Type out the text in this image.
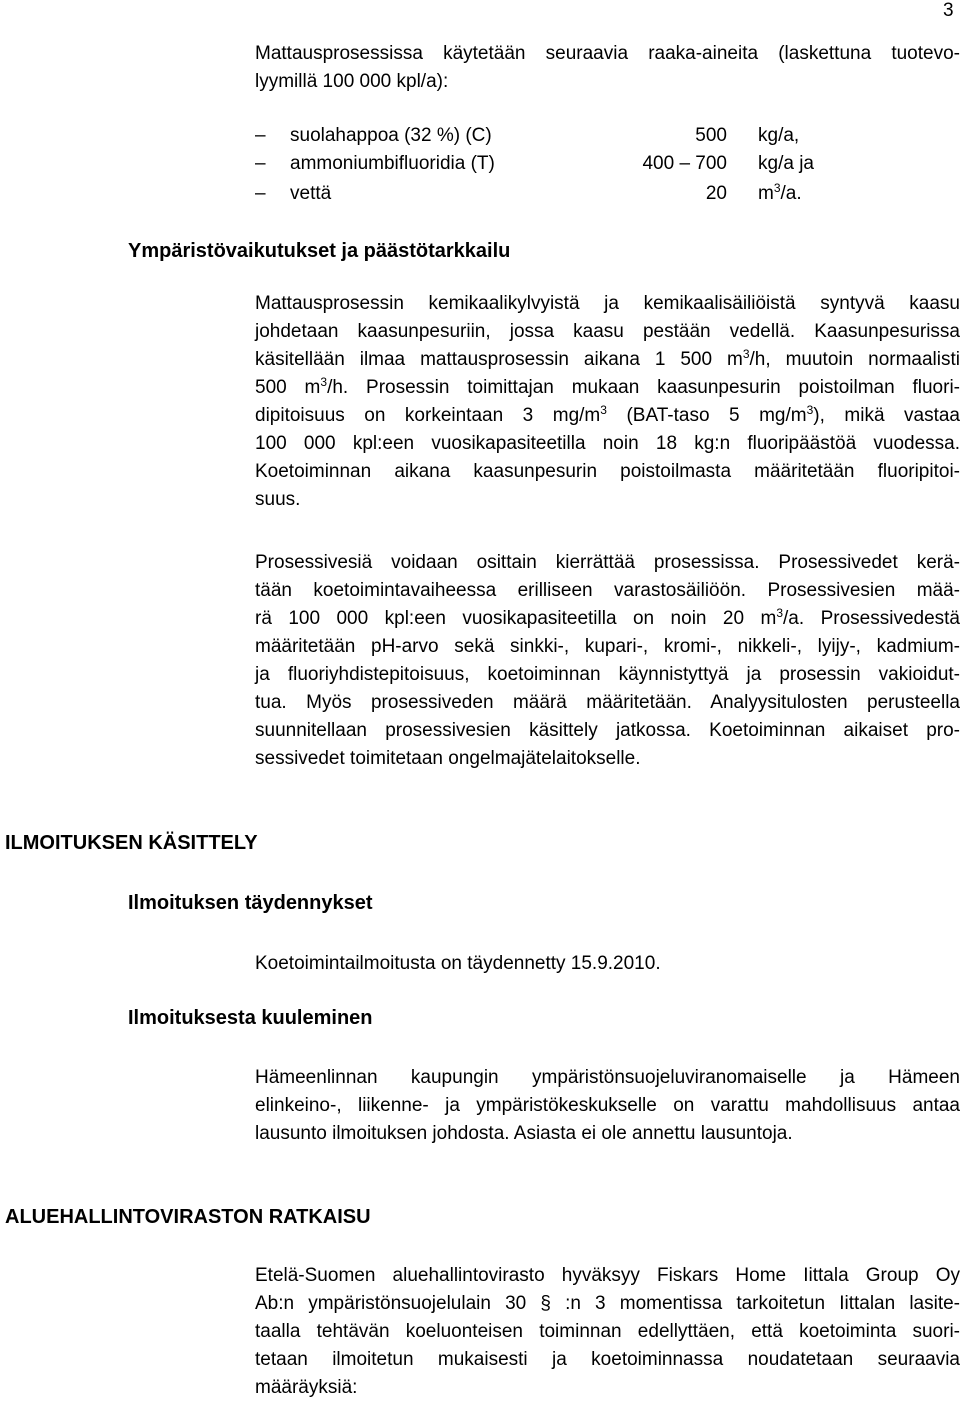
3
Mattausprosessissa käytetään seuraavia raaka-aineita (laskettuna tuotevo-
lyymillä 100 000 kpl/a):
– suolahappoa (32 %) (C)	500 kg/a,
– ammoniumbifluoridia (T)	400 – 700 kg/a ja
– vettä	20 $m^3/a$.
Ympäristövaikutukset ja päästötarkkailu
Mattausprosessin kemikaalikylvyistä ja kemikaalisäiliöistä syntyvä kaasu
johdetaan kaasunpesuriin, jossa kaasu pestään vedellä. Kaasunpesurissa
käsitellään ilmaa mattausprosessin aikana 1 500 $m^3/h$, muutoin normaalisti
500 $m^3/h$. Prosessin toimittajan mukaan kaasunpesurin poistoilman fluori-
dipitoisuus on korkeintaan 3 $mg/m^3$ (BAT-taso 5 $mg/m^3$), mikä vastaa
100 000 kpl:een vuosikapasiteetilla noin 18 kg:n fluoripäästöä vuodessa.
Koetoiminnan aikana kaasunpesurin poistoilmasta määritetään fluoripitoi-
suus.
Prosessivesiä voidaan osittain kierrättää prosessissa. Prosessivedet kerä-
tään koetoimintavaiheessa erilliseen varastosäiliöön. Prosessivesien mää-
rä 100 000 kpl:een vuosikapasiteetilla on noin 20 $m^3/a$. Prosessivedestä
määritetään pH-arvo sekä sinkki-, kupari-, kromi-, nikkeli-, lyijy-, kadmium-
ja fluoriyhdistepitoisuus, koetoiminnan käynnistyttyä ja prosessin vakioidut-
tua. Myös prosessiveden määrä määritetään. Analyysitulosten perusteella
suunnitellaan prosessivesien käsittely jatkossa. Koetoiminnan aikaiset pro-
sessivedet toimitetaan ongelmajätelaitokselle.
ILMOITUKSEN KÄSITTELY
Ilmoituksen täydennykset
Koetoimintailmoitusta on täydennetty 15.9.2010.
Ilmoituksesta kuuleminen
Hämeenlinnan kaupungin ympäristönsuojeluviranomaiselle ja Hämeen
elinkeino-, liikenne- ja ympäristökeskukselle on varattu mahdollisuus antaa
lausunto ilmoituksen johdosta. Asiasta ei ole annettu lausuntoja.
ALUEHALLINTOVIRASTON RATKAISU
Etelä-Suomen aluehallintovirasto hyväksyy Fiskars Home Iittala Group Oy
Ab:n ympäristönsuojelulain 30 § :n 3 momentissa tarkoitetun Iittalan lasite-
taalla tehtävän koeluonteisen toiminnan edellyttäen, että koetoiminta suori-
tetaan ilmoitetun mukaisesti ja koetoiminnassa noudatetaan seuraavia
määräyksiä:
